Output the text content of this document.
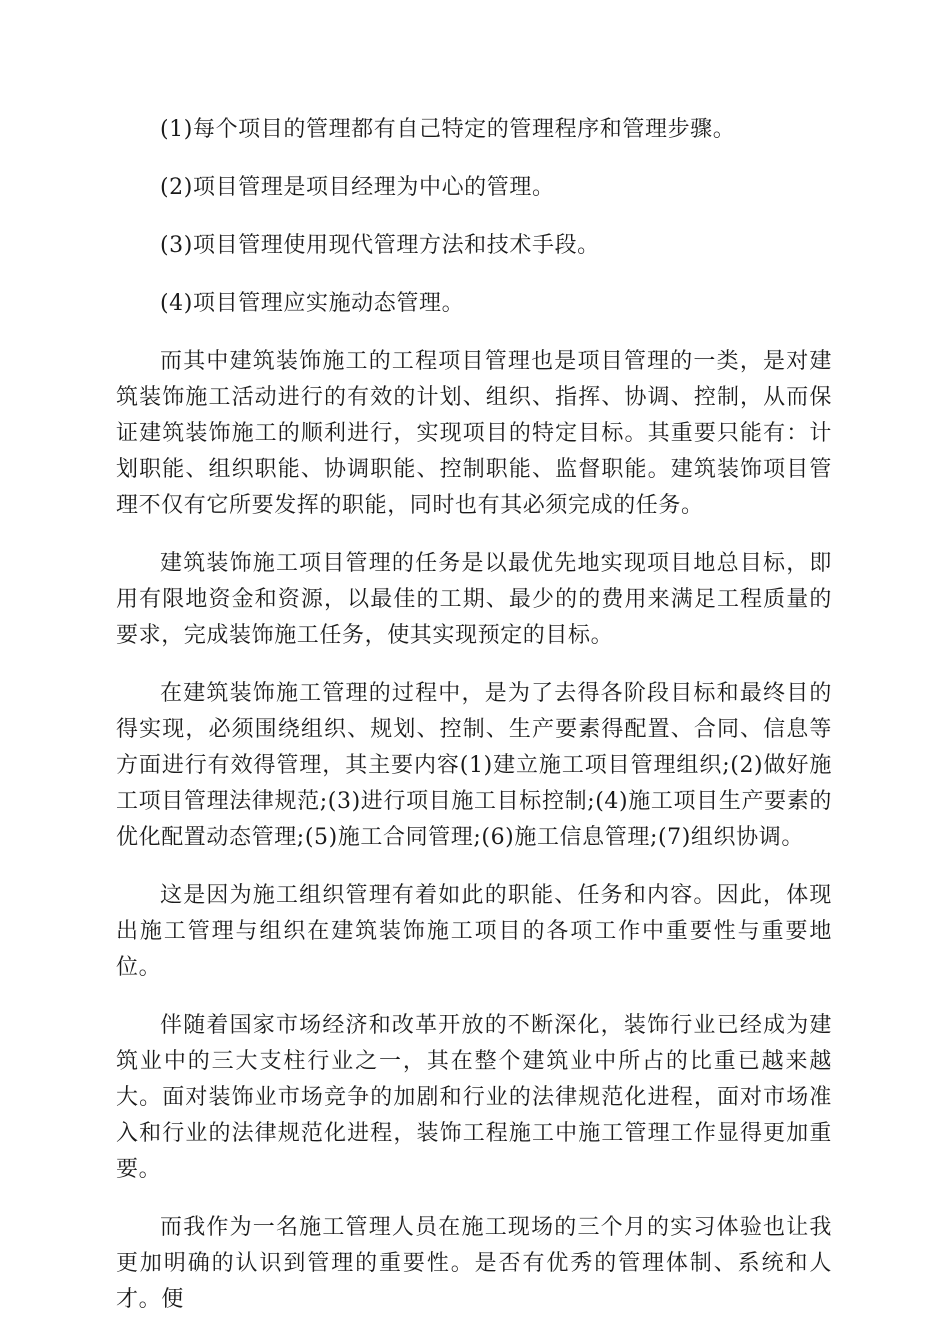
(1)每个项目的管理都有自己特定的管理程序和管理步骤。

(2)项目管理是项目经理为中心的管理。

(3)项目管理使用现代管理方法和技术手段。

(4)项目管理应实施动态管理。

而其中建筑装饰施工的工程项目管理也是项目管理的一类，是对建筑装饰施工活动进行的有效的计划、组织、指挥、协调、控制，从而保证建筑装饰施工的顺利进行，实现项目的特定目标。其重要只能有：计划职能、组织职能、协调职能、控制职能、监督职能。建筑装饰项目管理不仅有它所要发挥的职能，同时也有其必须完成的任务。

建筑装饰施工项目管理的任务是以最优先地实现项目地总目标，即用有限地资金和资源，以最佳的工期、最少的的费用来满足工程质量的要求，完成装饰施工任务，使其实现预定的目标。

在建筑装饰施工管理的过程中，是为了去得各阶段目标和最终目的得实现，必须围绕组织、规划、控制、生产要素得配置、合同、信息等方面进行有效得管理，其主要内容(1)建立施工项目管理组织;(2)做好施工项目管理法律规范;(3)进行项目施工目标控制;(4)施工项目生产要素的优化配置动态管理;(5)施工合同管理;(6)施工信息管理;(7)组织协调。

这是因为施工组织管理有着如此的职能、任务和内容。因此，体现出施工管理与组织在建筑装饰施工项目的各项工作中重要性与重要地位。

伴随着国家市场经济和改革开放的不断深化，装饰行业已经成为建筑业中的三大支柱行业之一，其在整个建筑业中所占的比重已越来越大。面对装饰业市场竞争的加剧和行业的法律规范化进程，面对市场准入和行业的法律规范化进程，装饰工程施工中施工管理工作显得更加重要。

而我作为一名施工管理人员在施工现场的三个月的实习体验也让我更加明确的认识到管理的重要性。是否有优秀的管理体制、系统和人才。便
